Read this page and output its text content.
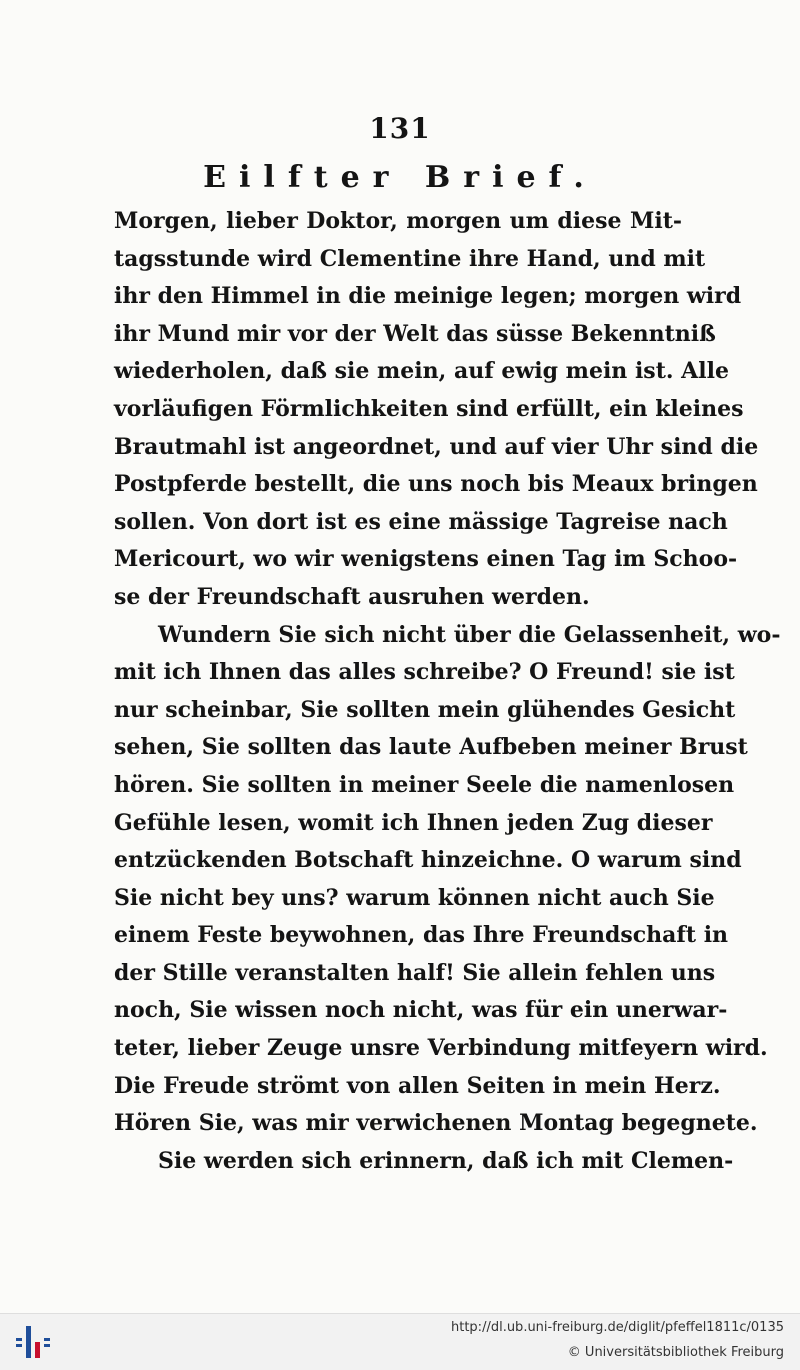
131
Eilfter Brief.
Morgen, lieber Doktor, morgen um diese Mit-
tagsstunde wird Clementine ihre Hand, und mit
ihr den Himmel in die meinige legen; morgen wird
ihr Mund mir vor der Welt das süsse Bekenntniß
wiederholen, daß sie mein, auf ewig mein ist. Alle
vorläufigen Förmlichkeiten sind erfüllt, ein kleines
Brautmahl ist angeordnet, und auf vier Uhr sind die
Postpferde bestellt, die uns noch bis Meaux bringen
sollen. Von dort ist es eine mässige Tagreise nach
Mericourt, wo wir wenigstens einen Tag im Schoo-
se der Freundschaft ausruhen werden.
Wundern Sie sich nicht über die Gelassenheit, wo-
mit ich Ihnen das alles schreibe? O Freund! sie ist
nur scheinbar, Sie sollten mein glühendes Gesicht
sehen, Sie sollten das laute Aufbeben meiner Brust
hören. Sie sollten in meiner Seele die namenlosen
Gefühle lesen, womit ich Ihnen jeden Zug dieser
entzückenden Botschaft hinzeichne. O warum sind
Sie nicht bey uns? warum können nicht auch Sie
einem Feste beywohnen, das Ihre Freundschaft in
der Stille veranstalten half! Sie allein fehlen uns
noch, Sie wissen noch nicht, was für ein unerwar-
teter, lieber Zeuge unsre Verbindung mitfeyern wird.
Die Freude strömt von allen Seiten in mein Herz.
Hören Sie, was mir verwichenen Montag begegnete.
Sie werden sich erinnern, daß ich mit Clemen-
http://dl.ub.uni-freiburg.de/diglit/pfeffel1811c/0135
© Universitätsbibliothek Freiburg
